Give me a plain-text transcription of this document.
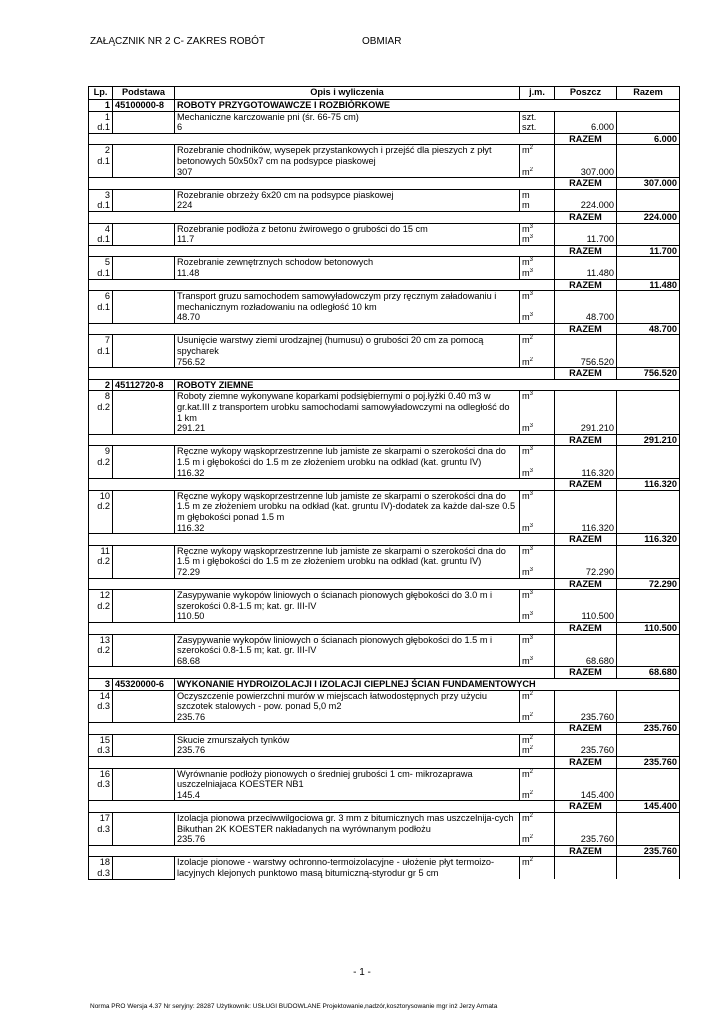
ZAŁĄCZNIK NR 2 C- ZAKRES ROBÓT	OBMIAR
Lp.	Podstawa	Opis i wyliczenia	j.m.	Poszcz	Razem
1	45100000-8	ROBOTY PRZYGOTOWAWCZE I ROZBIÓRKOWE			

1
d.1		Mechaniczne karczowanie pni (śr. 66-75 cm)	szt.		
		6	szt.	6.000	
				RAZEM	6.000

2
d.1		Rozebranie chodników, wysepek przystankowych i przejść dla pieszych z płyt betonowych 50x50x7 cm na podsypce piaskowej	$m^2$		
		307	$m^2$	307.000	
				RAZEM	307.000

3
d.1		Rozebranie obrzeży 6x20 cm na podsypce piaskowej	m		
		224	m	224.000	
				RAZEM	224.000

4
d.1		Rozebranie podłoża z betonu żwirowego o grubości do 15 cm	$m^3$		
		11.7	$m^3$	11.700	
				RAZEM	11.700

5
d.1		Rozebranie zewnętrznych schodow betonowych	$m^3$		
		11.48	$m^3$	11.480	
				RAZEM	11.480

6
d.1		Transport gruzu samochodem samowyładowczym przy ręcznym załadowaniu i mechanicznym rozładowaniu na odległość 10 km	$m^3$		
		48.70	$m^3$	48.700	
				RAZEM	48.700

7
d.1		Usunięcie warstwy ziemi urodzajnej (humusu) o grubości 20 cm za pomocą spycharek	$m^2$		
		756.52	$m^2$	756.520	
				RAZEM	756.520
2	45112720-8	ROBOTY ZIEMNE			

8
d.2		Roboty ziemne wykonywane koparkami podsiębiernymi o poj.łyżki 0.40 m3 w gr.kat.III z transportem urobku samochodami samowyładowczymi na odległość do 1 km	$m^3$		
		291.21	$m^3$	291.210	
				RAZEM	291.210

9
d.2		Ręczne wykopy wąskoprzestrzenne lub jamiste ze skarpami o szerokości dna do 1.5 m i głębokości do 1.5 m ze złożeniem urobku na odkład (kat. gruntu IV)	$m^3$		
		116.32	$m^3$	116.320	
				RAZEM	116.320

10
d.2		Ręczne wykopy wąskoprzestrzenne lub jamiste ze skarpami o szerokości dna do 1.5 m ze złożeniem urobku na odkład (kat. gruntu IV)-dodatek za każde dal-sze 0.5 m głębokości ponad 1.5 m	$m^3$		
		116.32	$m^3$	116.320	
				RAZEM	116.320

11
d.2		Ręczne wykopy wąskoprzestrzenne lub jamiste ze skarpami o szerokości dna do 1.5 m i głębokości do 1.5 m ze złożeniem urobku na odkład (kat. gruntu IV)	$m^3$		
		72.29	$m^3$	72.290	
				RAZEM	72.290

12
d.2		Zasypywanie wykopów liniowych o ścianach pionowych głębokości do 3.0 m i szerokości 0.8-1.5 m; kat. gr. III-IV	$m^3$		
		110.50	$m^3$	110.500	
				RAZEM	110.500

13
d.2		Zasypywanie wykopów liniowych o ścianach pionowych głębokości do 1.5 m i szerokości 0.8-1.5 m; kat. gr. III-IV	$m^3$		
		68.68	$m^3$	68.680	
				RAZEM	68.680
3	45320000-6	WYKONANIE HYDROIZOLACJI I IZOLACJI CIEPLNEJ ŚCIAN FUNDAMENTOWYCH			

14
d.3		Oczyszczenie powierzchni murów w miejscach łatwodostępnych przy użyciu szczotek stalowych - pow. ponad 5,0 m2	$m^2$		
		235.76	$m^2$	235.760	
				RAZEM	235.760

15
d.3		Skucie zmurszałych tynków	$m^2$		
		235.76	$m^2$	235.760	
				RAZEM	235.760

16
d.3		Wyrównanie podłoży pionowych o średniej grubości 1 cm- mikrozaprawa uszczelniajaca KOESTER NB1	$m^2$		
		145.4	$m^2$	145.400	
				RAZEM	145.400

17
d.3		Izolacja pionowa przeciwwilgociowa gr. 3 mm z bitumicznych mas uszczelnija-cych Bikuthan 2K KOESTER nakładanych na wyrównanym podłożu	$m^2$		
		235.76	$m^2$	235.760	
				RAZEM	235.760

18
d.3		Izolacje pionowe - warstwy ochronno-termoizolacyjne - ułożenie płyt termoizo-lacyjnych klejonych punktowo masą bitumiczną-styrodur gr 5 cm	$m^2$		

- 1 -
Norma PRO Wersja 4.37 Nr seryjny: 28287 Użytkownik: USŁUGI BUDOWLANE Projektowanie,nadzór,kosztorysowanie mgr inż Jerzy Armata
